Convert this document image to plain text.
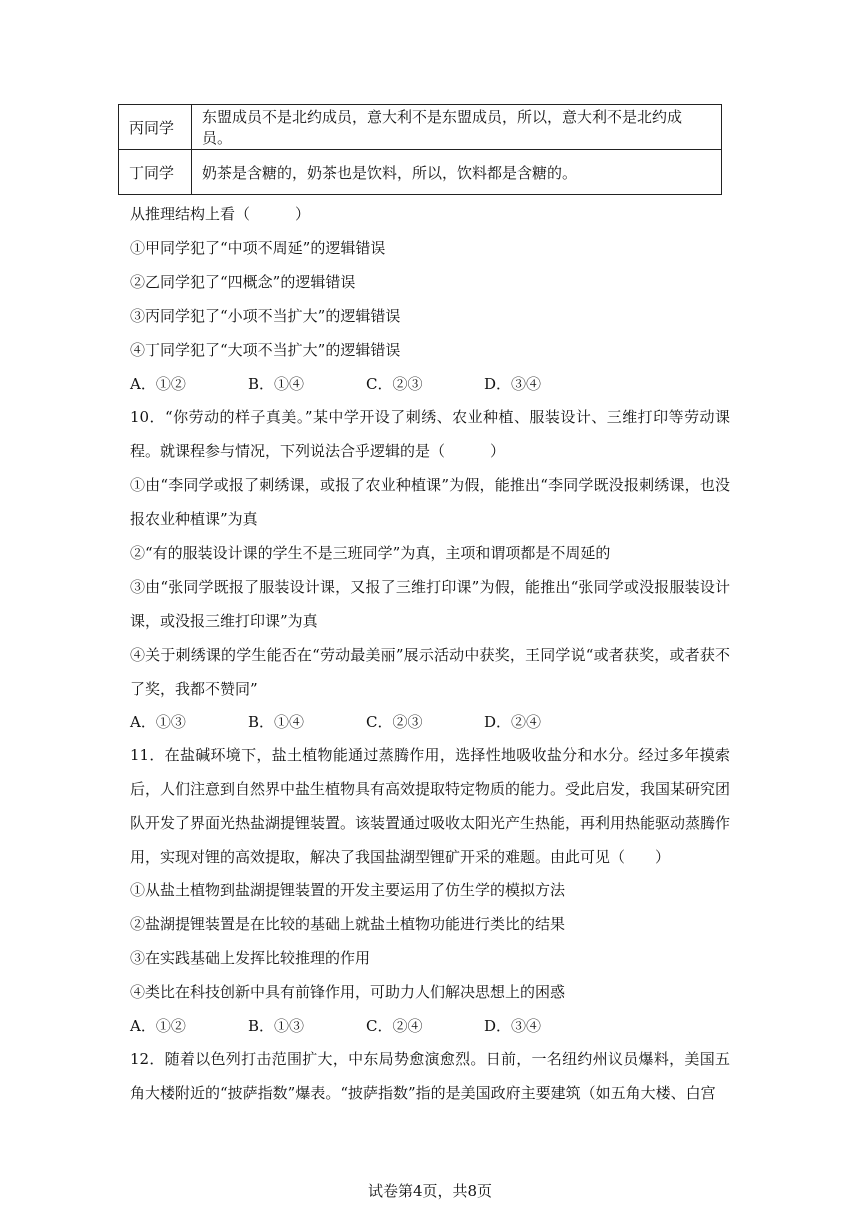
丙同学	东盟成员不是北约成员，意大利不是东盟成员，所以，意大利不是北约成员。
丁同学	奶茶是含糖的，奶茶也是饮料，所以，饮料都是含糖的。
从推理结构上看（　　　）
①甲同学犯了“中项不周延”的逻辑错误
②乙同学犯了“四概念”的逻辑错误
③丙同学犯了“小项不当扩大”的逻辑错误
④丁同学犯了“大项不当扩大”的逻辑错误
A．①②	B．①④	C．②③	D．③④
10．“你劳动的样子真美。”某中学开设了刺绣、农业种植、服装设计、三维打印等劳动课程。就课程参与情况，下列说法合乎逻辑的是（　　　）
①由“李同学或报了刺绣课，或报了农业种植课”为假，能推出“李同学既没报刺绣课，也没报农业种植课”为真
②“有的服装设计课的学生不是三班同学”为真，主项和谓项都是不周延的
③由“张同学既报了服装设计课，又报了三维打印课”为假，能推出“张同学或没报服装设计课，或没报三维打印课”为真
④关于刺绣课的学生能否在“劳动最美丽”展示活动中获奖，王同学说“或者获奖，或者获不了奖，我都不赞同”
A．①③	B．①④	C．②③	D．②④
11．在盐碱环境下，盐土植物能通过蒸腾作用，选择性地吸收盐分和水分。经过多年摸索后，人们注意到自然界中盐生植物具有高效提取特定物质的能力。受此启发，我国某研究团队开发了界面光热盐湖提锂装置。该装置通过吸收太阳光产生热能，再利用热能驱动蒸腾作用，实现对锂的高效提取，解决了我国盐湖型锂矿开采的难题。由此可见（　　）
①从盐土植物到盐湖提锂装置的开发主要运用了仿生学的模拟方法
②盐湖提锂装置是在比较的基础上就盐土植物功能进行类比的结果
③在实践基础上发挥比较推理的作用
④类比在科技创新中具有前锋作用，可助力人们解决思想上的困惑
A．①②	B．①③	C．②④	D．③④
12．随着以色列打击范围扩大，中东局势愈演愈烈。日前，一名纽约州议员爆料，美国五角大楼附近的“披萨指数”爆表。“披萨指数”指的是美国政府主要建筑（如五角大楼、白宫
试卷第4页，共8页
